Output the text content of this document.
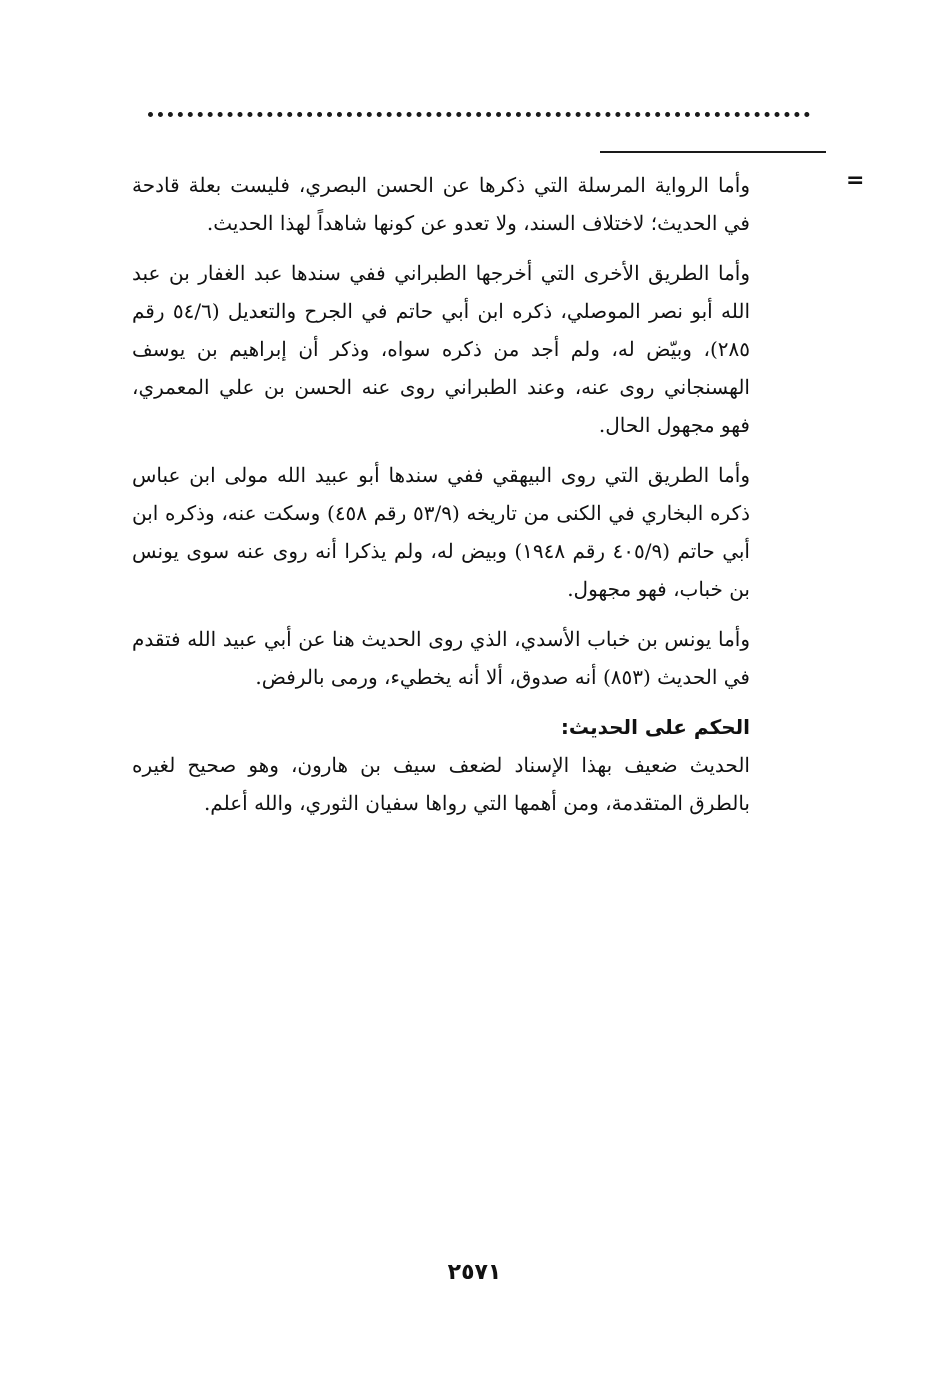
=

وأما الرواية المرسلة التي ذكرها عن الحسن البصري، فليست بعلة قادحة في الحديث؛ لاختلاف السند، ولا تعدو عن كونها شاهداً لهذا الحديث.

وأما الطريق الأخرى التي أخرجها الطبراني ففي سندها عبد الغفار بن عبد الله أبو نصر الموصلي، ذكره ابن أبي حاتم في الجرح والتعديل (٥٤/٦ رقم ٢٨٥)، وبيّض له، ولم أجد من ذكره سواه، وذكر أن إبراهيم بن يوسف الهسنجاني روى عنه، وعند الطبراني روى عنه الحسن بن علي المعمري، فهو مجهول الحال.

وأما الطريق التي روى البيهقي ففي سندها أبو عبيد الله مولى ابن عباس ذكره البخاري في الكنى من تاريخه (٥٣/٩ رقم ٤٥٨) وسكت عنه، وذكره ابن أبي حاتم (٤٠٥/٩ رقم ١٩٤٨) وبيض له، ولم يذكرا أنه روى عنه سوى يونس بن خباب، فهو مجهول.

وأما يونس بن خباب الأسدي، الذي روى الحديث هنا عن أبي عبيد الله فتقدم في الحديث (٨٥٣) أنه صدوق، ألا أنه يخطيء، ورمى بالرفض.

الحكم على الحديث:

الحديث ضعيف بهذا الإسناد لضعف سيف بن هارون، وهو صحيح لغيره بالطرق المتقدمة، ومن أهمها التي رواها سفيان الثوري، والله أعلم.

٢٥٧١
